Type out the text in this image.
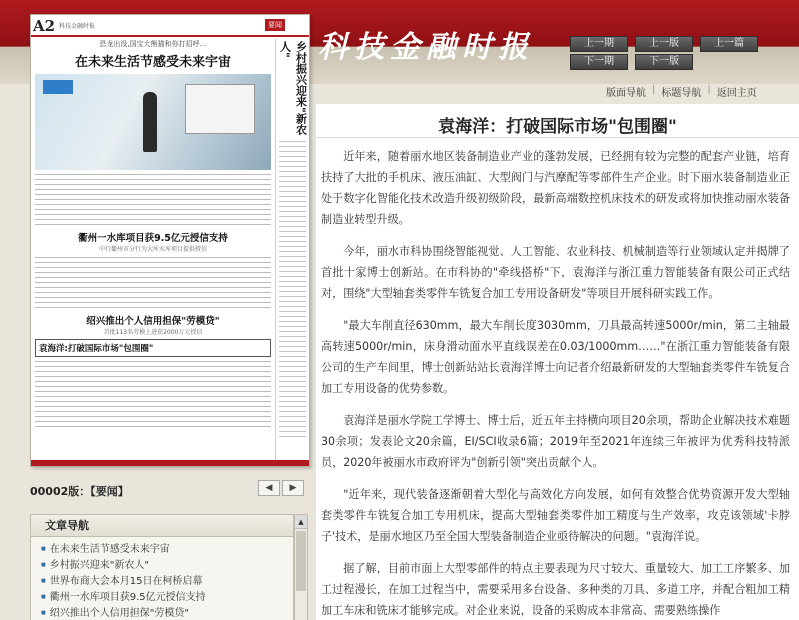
A2 科技金融时报	要闻
恐龙出没,国宝大熊猫和你打招呼…
在未来生活节感受未来宇宙
衢州一水库项目获9.5亿元授信支持
中行衢州市分行为大库水库项目提供授信
绍兴推出个人信用担保"劳模贷"
首批113名劳模上进获2000万元授信
袁海洋:打破国际市场"包围圈"
乡村振兴迎来"新农人"
00002版：【要闻】	◀	▶
文章导航
■ 在未来生活节感受未来宇宙
■ 乡村振兴迎来"新农人"
■ 世界布商大会本月15日在柯桥启幕
■ 衢州一水库项目获9.5亿元授信支持
■ 绍兴推出个人信用担保"劳模贷"
▲
科技金融时报	上一期	上一版	上一篇
下一期	下一版
版面导航 | 标题导航 | 返回主页
袁海洋：打破国际市场"包围圈"

近年来，随着丽水地区装备制造业产业的蓬勃发展，已经拥有较为完整的配套产业链，培育扶持了大批的手机床、液压油缸、大型阀门与汽摩配等零部件生产企业。时下丽水装备制造业正处于数字化智能化技术改造升级初级阶段，最新高端数控机床技术的研发或将加快推动丽水装备制造业转型升级。

今年，丽水市科协围绕智能视觉、人工智能、农业科技、机械制造等行业领域认定并揭牌了首批十家博士创新站。在市科协的"牵线搭桥"下，袁海洋与浙江重力智能装备有限公司正式结对，围绕"大型轴套类零件车铣复合加工专用设备研发"等项目开展科研实践工作。

"最大车削直径630mm，最大车削长度3030mm，刀具最高转速5000r/min，第二主轴最高转速5000r/min，床身滑动面水平直线误差在0.03/1000mm……"在浙江重力智能装备有限公司的生产车间里，博士创新站站长袁海洋博士向记者介绍最新研发的大型轴套类零件车铣复合加工专用设备的优势参数。

袁海洋是丽水学院工学博士、博士后，近五年主持横向项目20余项，帮助企业解决技术难题30余项；发表论文20余篇，EI/SCI收录6篇；2019年至2021年连续三年被评为优秀科技特派员，2020年被丽水市政府评为"创新引领"突出贡献个人。

"近年来，现代装备逐渐朝着大型化与高效化方向发展，如何有效整合优势资源开发大型轴套类零件车铣复合加工专用机床，提高大型轴套类零件加工精度与生产效率，攻克该领域'卡脖子'技术，是丽水地区乃至全国大型装备制造企业亟待解决的问题。"袁海洋说。

据了解，目前市面上大型零部件的特点主要表现为尺寸较大、重量较大、加工工序繁多、加工过程漫长，在加工过程当中，需要采用多台设备、多种类的刀具、多道工序，并配合粗加工精加工车床和铣床才能够完成。对企业来说，设备的采购成本非常高、需要熟练操作
